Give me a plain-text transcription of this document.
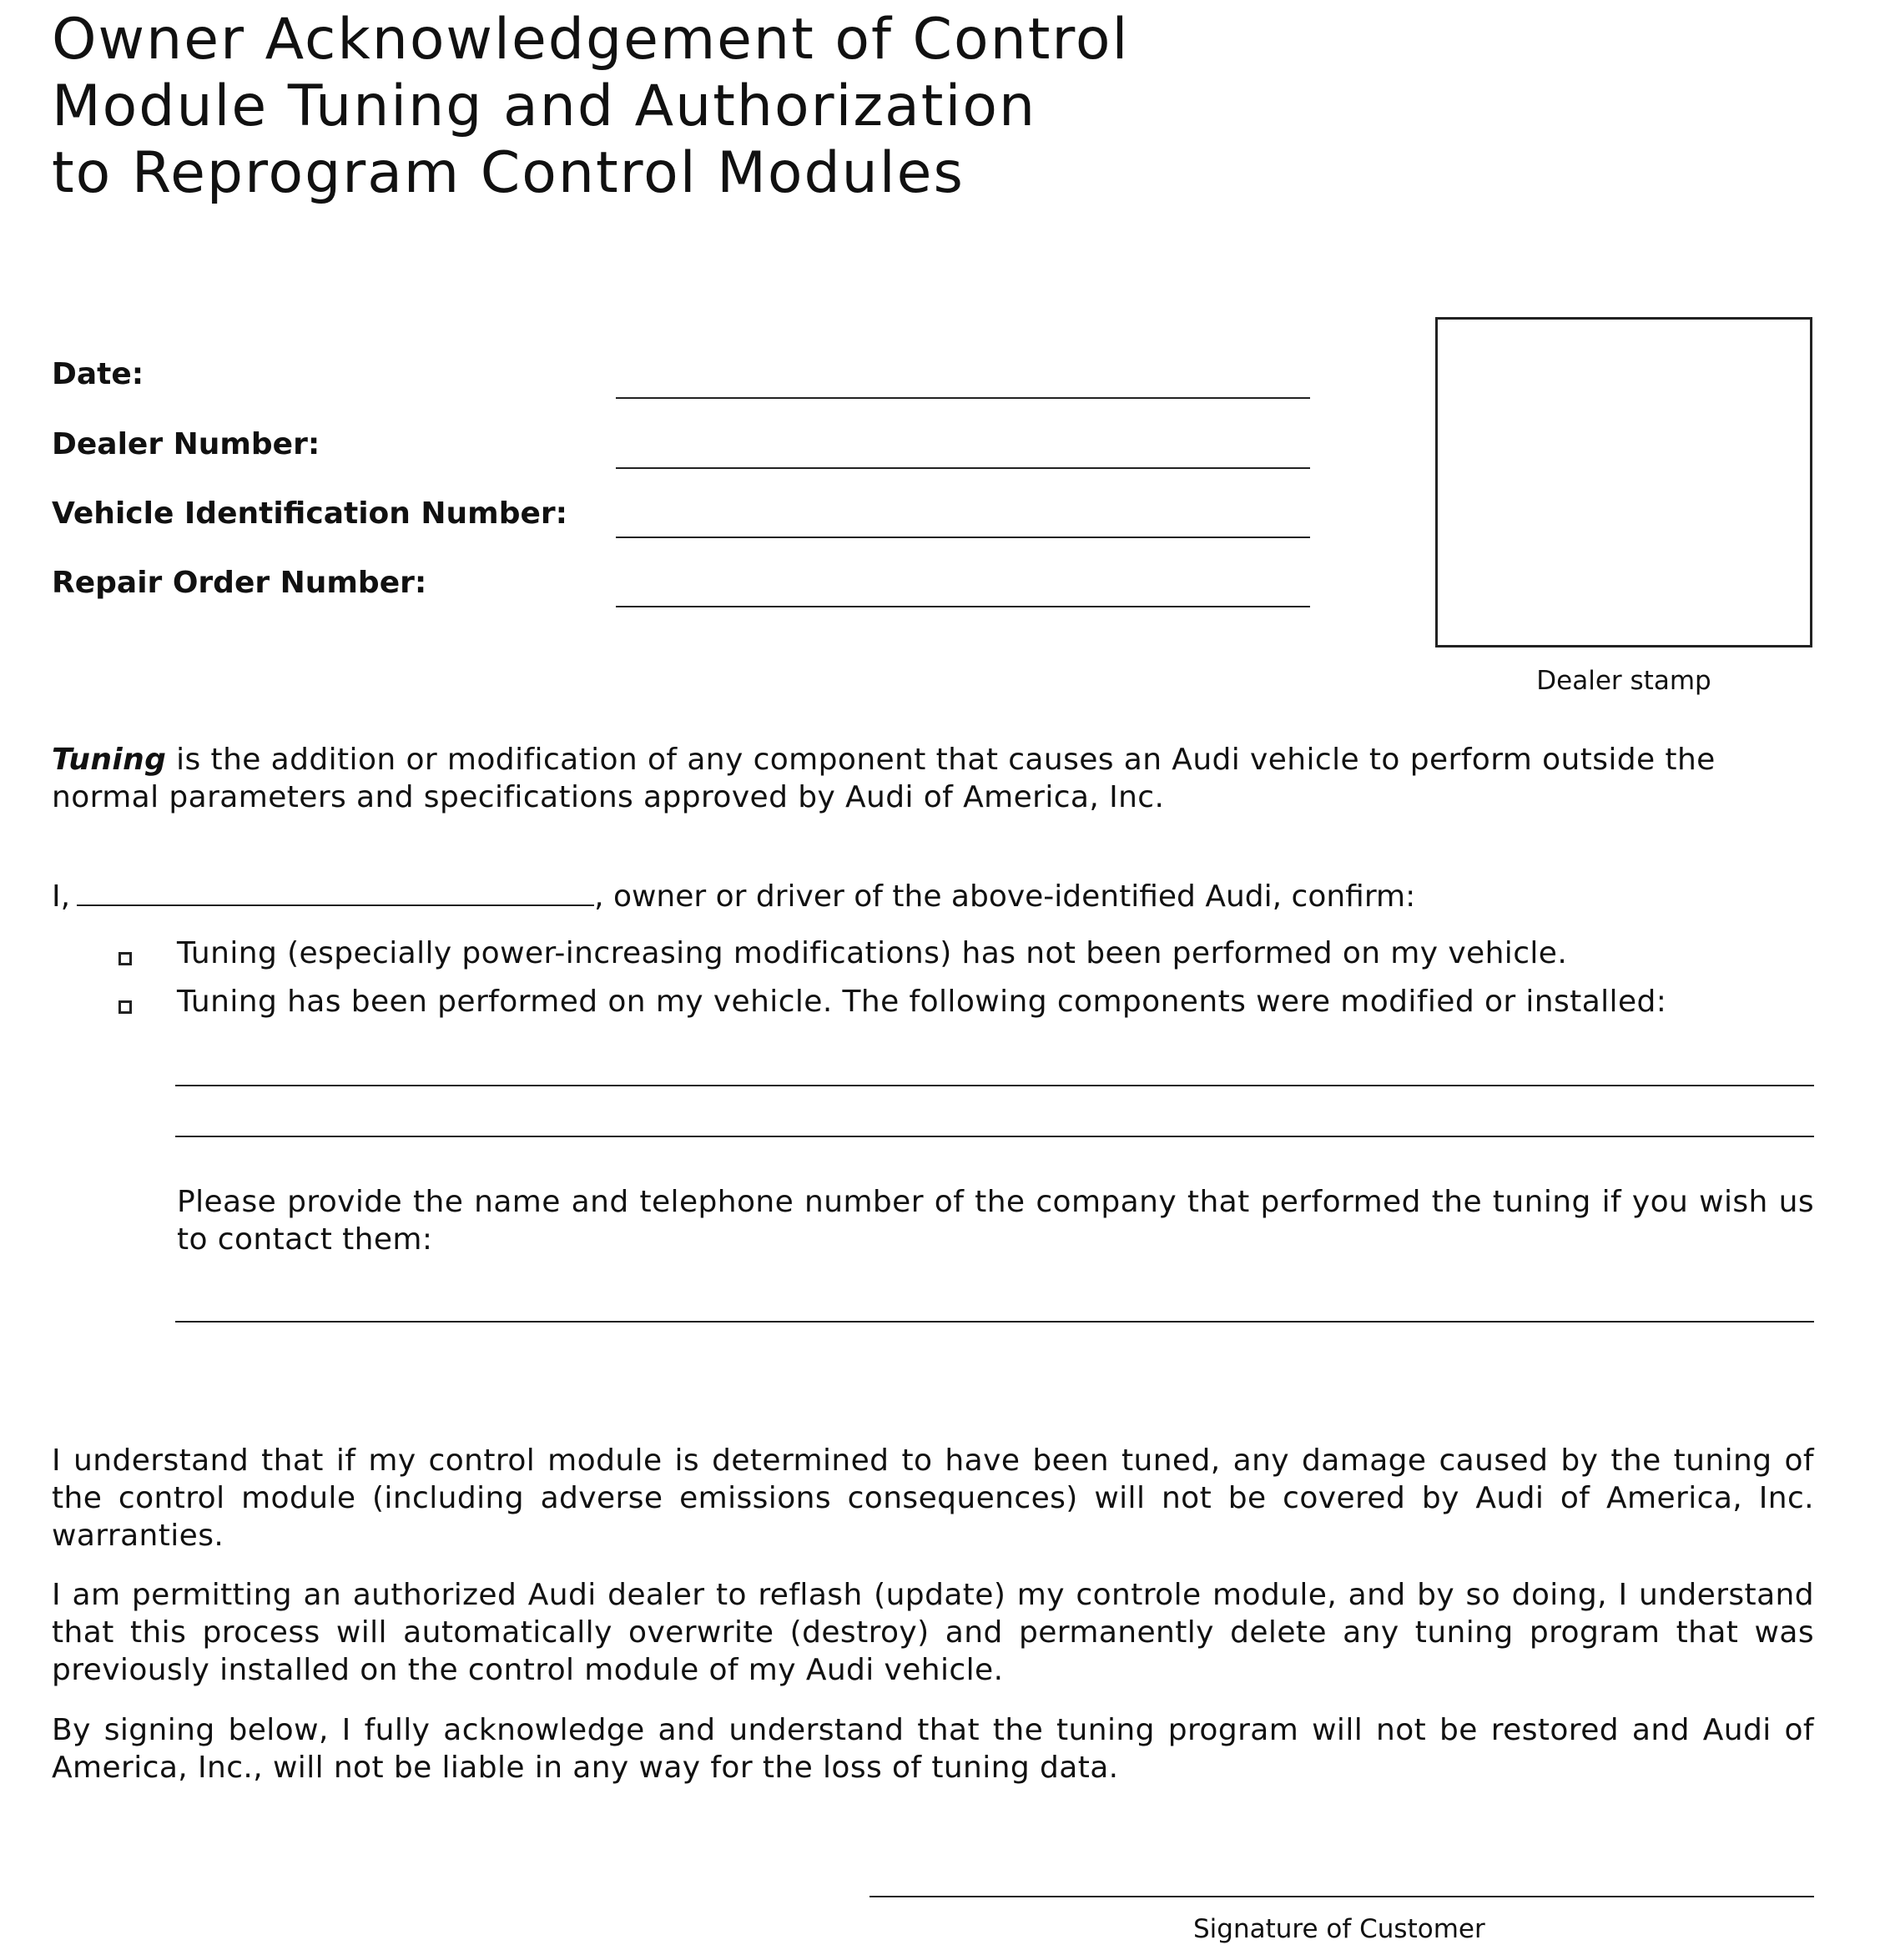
Owner Acknowledgement of Control
Module Tuning and Authorization
to Reprogram Control Modules
Date:
Dealer Number:
Vehicle Identification Number:
Repair Order Number:
Dealer stamp
Tuning is the addition or modification of any component that causes an Audi vehicle to perform outside the normal parameters and specifications approved by Audi of America, Inc.
I,	, owner or driver of the above-identified Audi, confirm:
Tuning (especially power-increasing modifications) has not been performed on my vehicle.
Tuning has been performed on my vehicle. The following components were modified or installed:
Please provide the name and telephone number of the company that performed the tuning if you wish us to contact them:
I understand that if my control module is determined to have been tuned, any damage caused by the tuning of the control module (including adverse emissions consequences) will not be covered by Audi of America, Inc. warranties.
I am permitting an authorized Audi dealer to reflash (update) my controle module, and by so doing, I understand that this process will automatically overwrite (destroy) and permanently delete any tuning program that was previously installed on the control module of my Audi vehicle.
By signing below, I fully acknowledge and understand that the tuning program will not be restored and Audi of America, Inc., will not be liable in any way for the loss of tuning data.
Signature of Customer
